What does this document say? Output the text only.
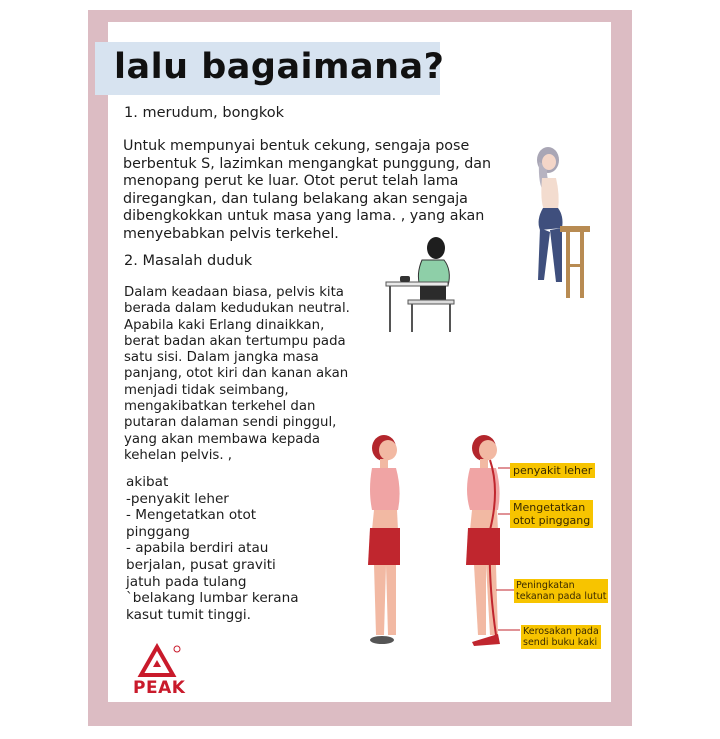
lalu bagaimana?
1. merudum, bongkok
Untuk mempunyai bentuk cekung, sengaja pose
berbentuk S, lazimkan mengangkat punggung, dan
menopang perut ke luar. Otot perut telah lama
diregangkan, dan tulang belakang akan sengaja
dibengkokkan untuk masa yang lama. , yang akan
menyebabkan pelvis terkehel.
2. Masalah duduk
Dalam keadaan biasa, pelvis kita
berada dalam kedudukan neutral.
Apabila kaki Erlang dinaikkan,
berat badan akan tertumpu pada
satu sisi. Dalam jangka masa
panjang, otot kiri dan kanan akan
menjadi tidak seimbang,
mengakibatkan terkehel dan
putaran dalaman sendi pinggul,
yang akan membawa kepada
kehelan pelvis. ,
akibat
-penyakit leher
- Mengetatkan otot
pinggang
- apabila berdiri atau
berjalan, pusat graviti
jatuh pada tulang
`belakang lumbar kerana
kasut tumit tinggi.
penyakit leher
Mengetatkan
otot pinggang
Peningkatan
tekanan pada lutut
Kerosakan pada
sendi buku kaki
PEAK
